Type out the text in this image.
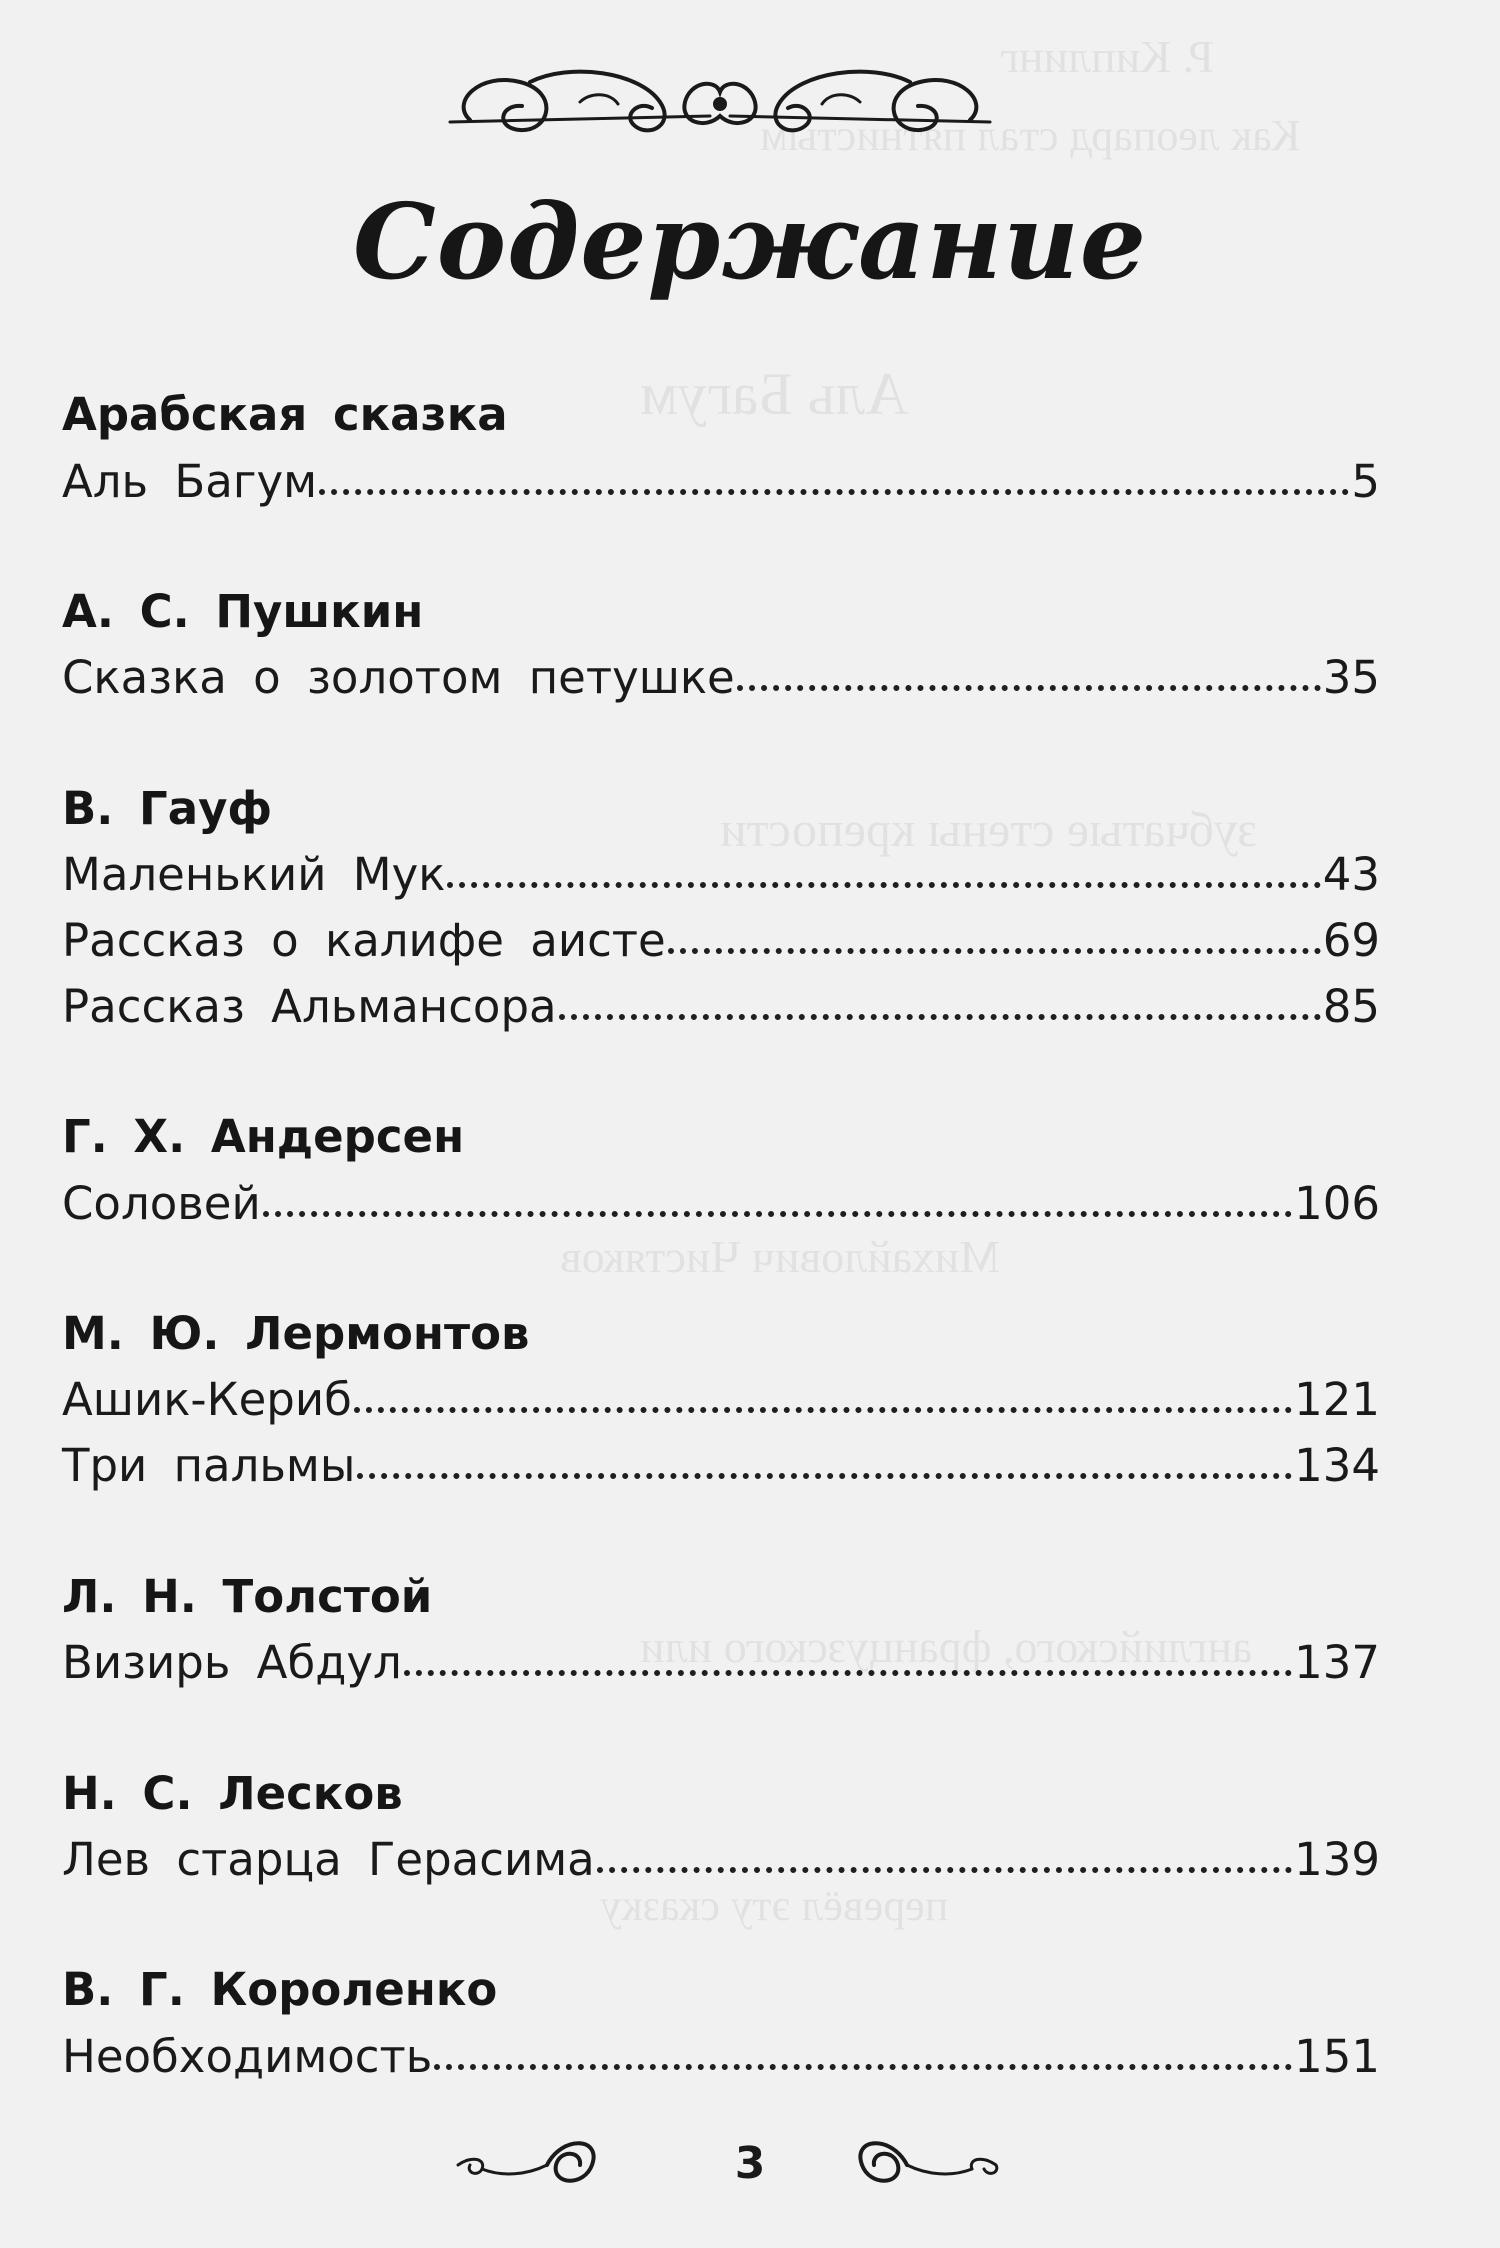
Р. Киплинг
Как леопард стал пятнистым
Аль Багум
зубчатые стены крепости
Михайлович Чистяков
английского, французского или
перевёл эту сказку
Содержание
Арабская сказка
Аль Багум	5
А. С. Пушкин
Сказка о золотом петушке	35
В. Гауф
Маленький Мук	43
Рассказ о калифе аисте	69
Рассказ Альмансора	85
Г. Х. Андерсен
Соловей	106
М. Ю. Лермонтов
Ашик-Кериб	121
Три пальмы	134
Л. Н. Толстой
Визирь Абдул	137
Н. С. Лесков
Лев старца Герасима	139
В. Г. Короленко
Необходимость	151
3
